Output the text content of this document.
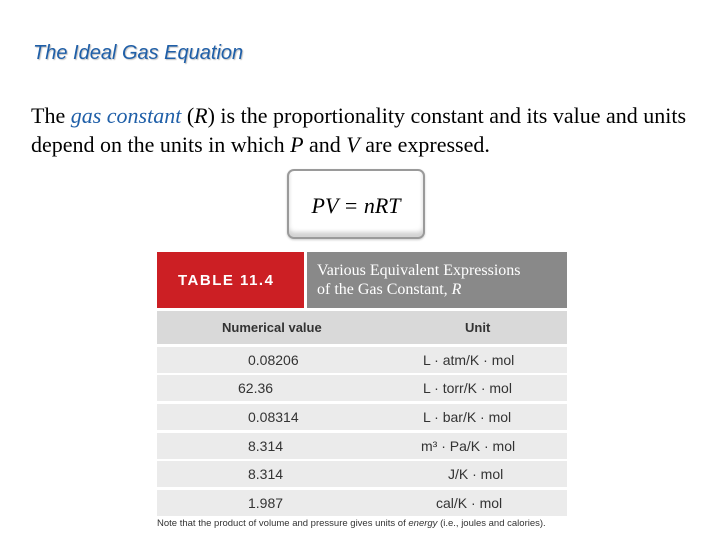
The Ideal Gas Equation
The gas constant (R) is the proportionality constant and its value and units depend on the units in which P and V are expressed.
PV = nRT
TABLE 11.4
Various Equivalent Expressions
of the Gas Constant, R
Numerical value	Unit
0.08206	L · atm/K · mol
62.36	L · torr/K · mol
0.08314	L · bar/K · mol
8.314	m³ · Pa/K · mol
8.314	J/K · mol
1.987	cal/K · mol
Note that the product of volume and pressure gives units of energy (i.e., joules and calories).
